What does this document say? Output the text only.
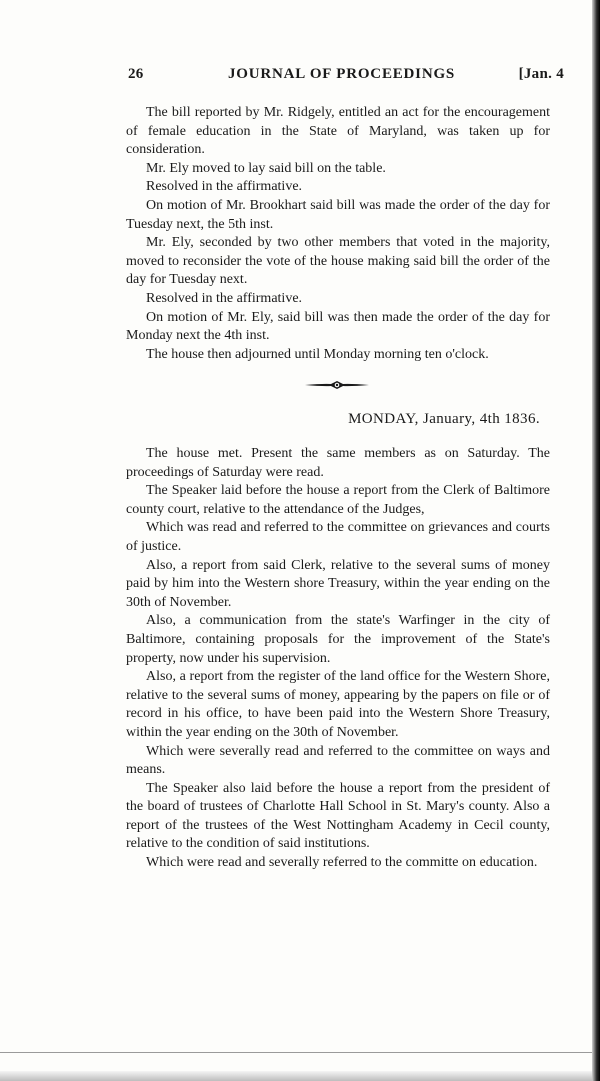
26	JOURNAL OF PROCEEDINGS	[Jan. 4

The bill reported by Mr. Ridgely, entitled an act for the encouragement of female education in the State of Maryland, was taken up for consideration.

Mr. Ely moved to lay said bill on the table.

Resolved in the affirmative.

On motion of Mr. Brookhart said bill was made the order of the day for Tuesday next, the 5th inst.

Mr. Ely, seconded by two other members that voted in the majority, moved to reconsider the vote of the house making said bill the order of the day for Tuesday next.

Resolved in the affirmative.

On motion of Mr. Ely, said bill was then made the order of the day for Monday next the 4th inst.

The house then adjourned until Monday morning ten o'clock.

MONDAY, January, 4th 1836.

The house met. Present the same members as on Saturday. The proceedings of Saturday were read.

The Speaker laid before the house a report from the Clerk of Baltimore county court, relative to the attendance of the Judges,

Which was read and referred to the committee on grievances and courts of justice.

Also, a report from said Clerk, relative to the several sums of money paid by him into the Western shore Treasury, within the year ending on the 30th of November.

Also, a communication from the state's Warfinger in the city of Baltimore, containing proposals for the improvement of the State's property, now under his supervision.

Also, a report from the register of the land office for the Western Shore, relative to the several sums of money, appearing by the papers on file or of record in his office, to have been paid into the Western Shore Treasury, within the year ending on the 30th of November.

Which were severally read and referred to the committee on ways and means.

The Speaker also laid before the house a report from the president of the board of trustees of Charlotte Hall School in St. Mary's county. Also a report of the trustees of the West Nottingham Academy in Cecil county, relative to the condition of said institutions.

Which were read and severally referred to the committe on education.
